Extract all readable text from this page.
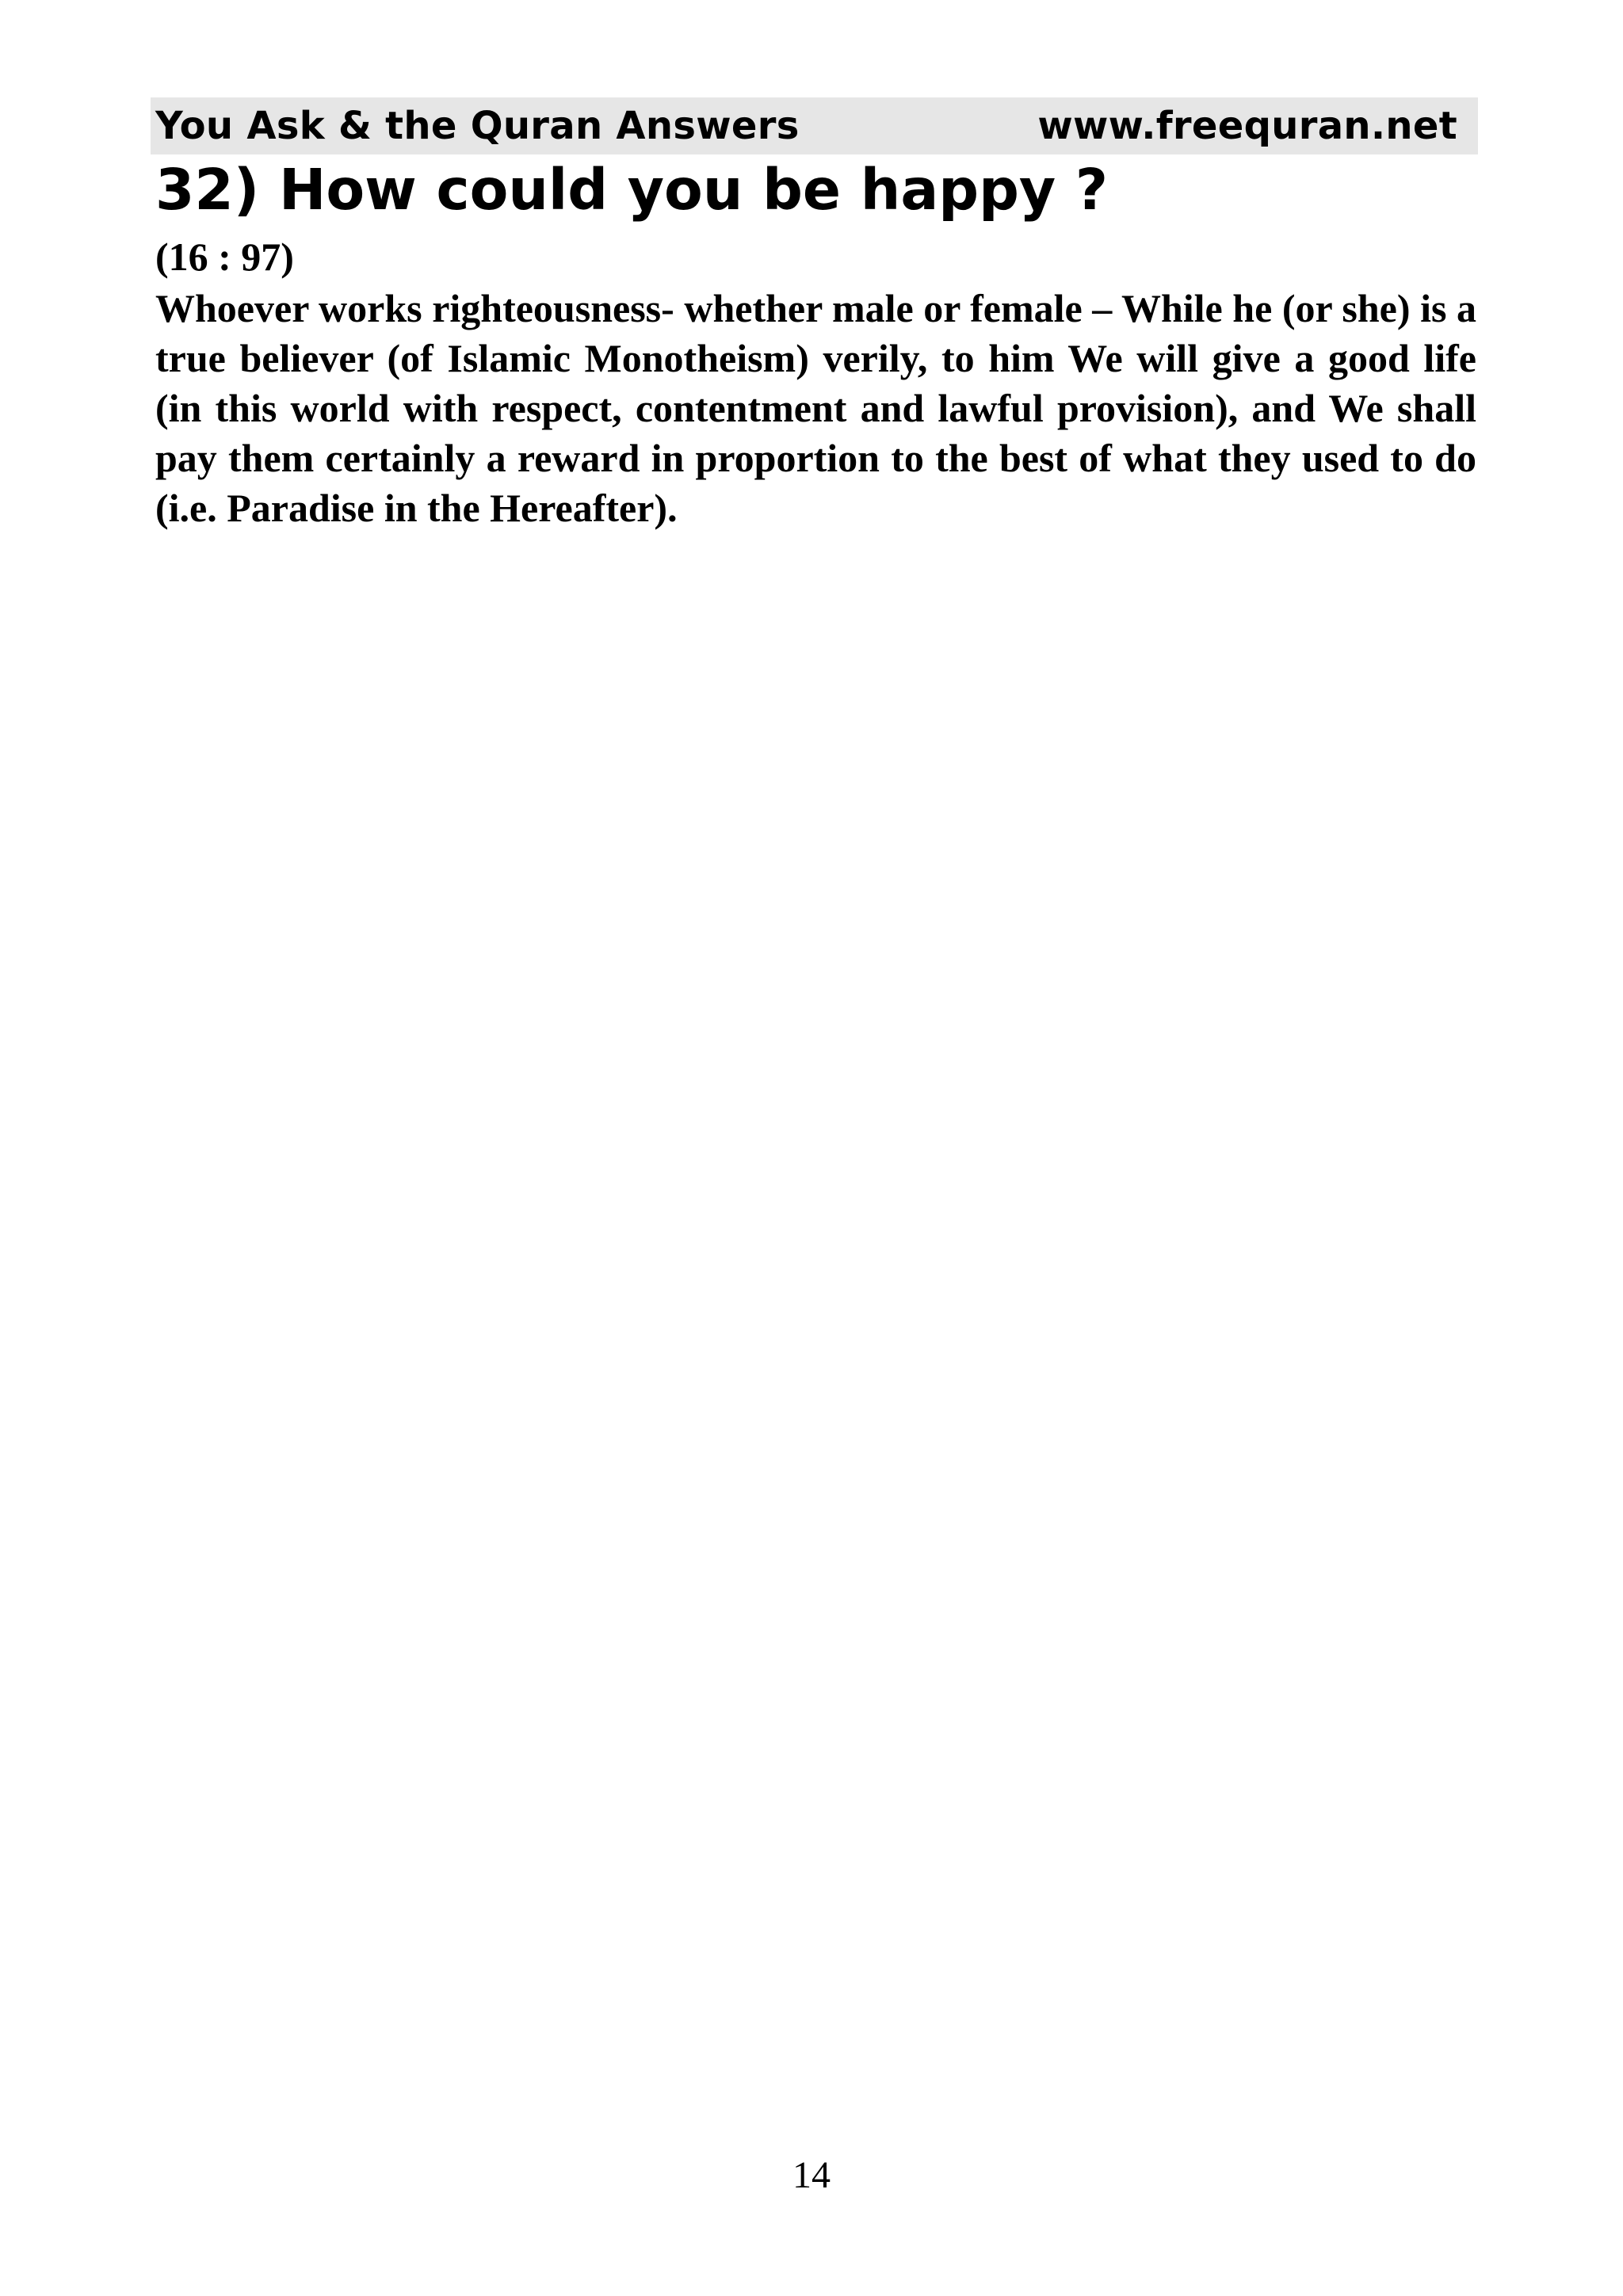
You Ask & the Quran Answers	www.freequran.net
32) How could you be happy ?
(16 : 97)

Whoever works righteousness- whether male or female – While he (or she) is a true believer (of Islamic Monotheism) verily, to him We will give a good life (in this world with respect, contentment and lawful provision), and We shall pay them certainly a reward in proportion to the best of what they used to do (i.e. Paradise in the Hereafter).

14
